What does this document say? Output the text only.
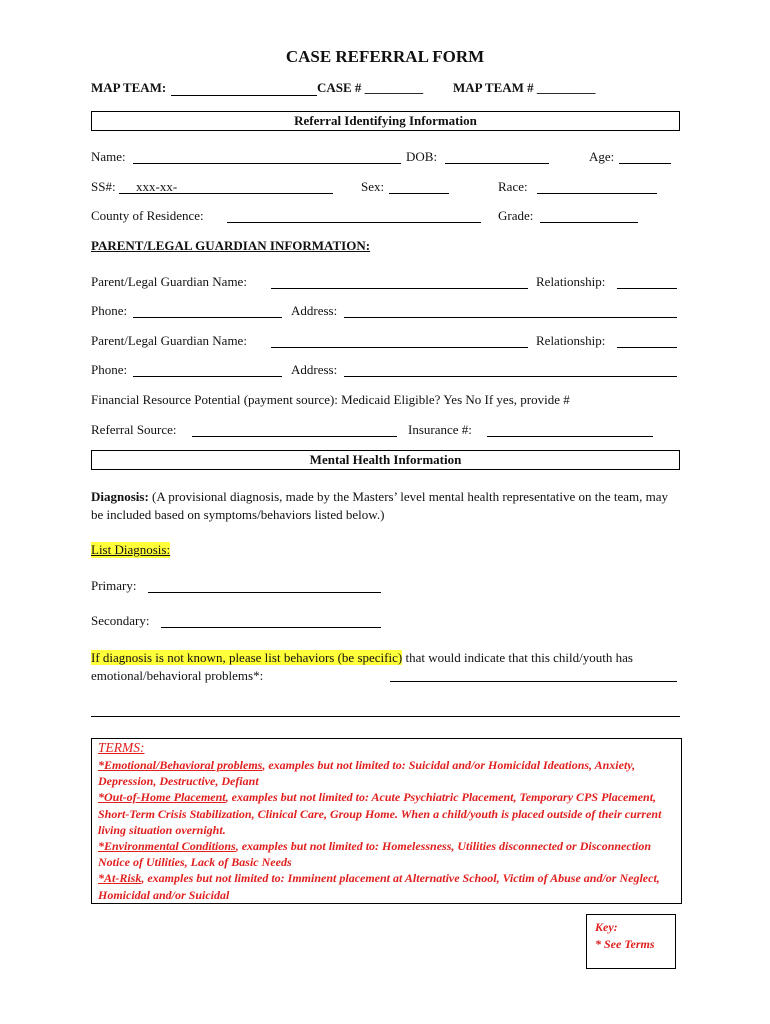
CASE REFERRAL FORM
MAP TEAM:	CASE # _________ MAP TEAM # _________
Referral Identifying Information
Name:	DOB:	Age:
SS#: xxx-xx-	Sex:	Race:
County of Residence:	Grade:
PARENT/LEGAL GUARDIAN INFORMATION:
Parent/Legal Guardian Name:	Relationship:
Phone:	Address:
Parent/Legal Guardian Name:	Relationship:
Phone:	Address:
Financial Resource Potential (payment source): Medicaid Eligible? Yes No If yes, provide #
Referral Source:	Insurance #:
Mental Health Information
Diagnosis: (A provisional diagnosis, made by the Masters’ level mental health representative on the team, may be included based on symptoms/behaviors listed below.)
List Diagnosis:
Primary:
Secondary:
If diagnosis is not known, please list behaviors (be specific) that would indicate that this child/youth has emotional/behavioral problems*:
TERMS:
*Emotional/Behavioral problems, examples but not limited to: Suicidal and/or Homicidal Ideations, Anxiety, Depression, Destructive, Defiant
*Out-of-Home Placement, examples but not limited to: Acute Psychiatric Placement, Temporary CPS Placement, Short-Term Crisis Stabilization, Clinical Care, Group Home. When a child/youth is placed outside of their current living situation overnight.
*Environmental Conditions, examples but not limited to: Homelessness, Utilities disconnected or Disconnection Notice of Utilities, Lack of Basic Needs
*At-Risk, examples but not limited to: Imminent placement at Alternative School, Victim of Abuse and/or Neglect, Homicidal and/or Suicidal
Key:
* See Terms
